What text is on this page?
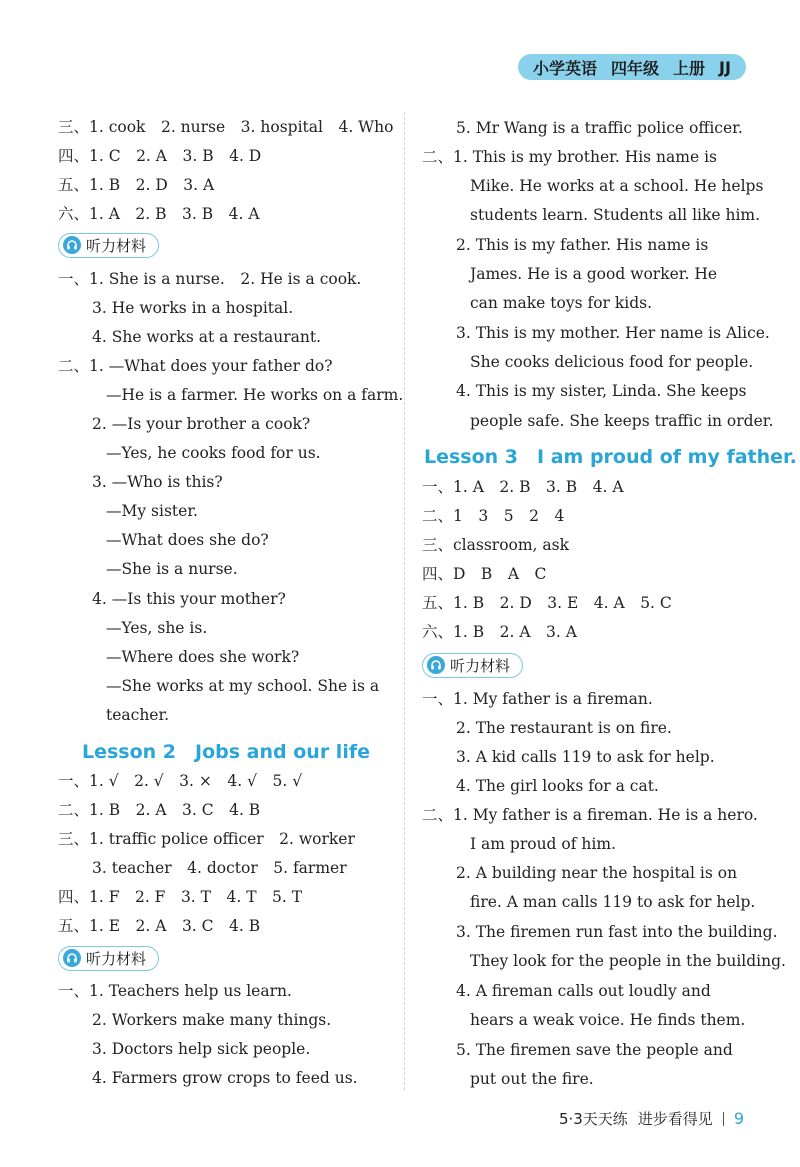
小学英语 四年级 上册 JJ
三、1. cook　2. nurse　3. hospital　4. Who
四、1. C　2. A　3. B　4. D
五、1. B　2. D　3. A
六、1. A　2. B　3. B　4. A
听力材料
一、1. She is a nurse.　2. He is a cook.
3. He works in a hospital.
4. She works at a restaurant.
二、1. —What does your father do?
—He is a farmer. He works on a farm.
2. —Is your brother a cook?
—Yes, he cooks food for us.
3. —Who is this?
—My sister.
—What does she do?
—She is a nurse.
4. —Is this your mother?
—Yes, she is.
—Where does she work?
—She works at my school. She is a
teacher.
Lesson 2　Jobs and our life
一、1. √　2. √　3. ×　4. √　5. √
二、1. B　2. A　3. C　4. B
三、1. traffic police officer　2. worker
3. teacher　4. doctor　5. farmer
四、1. F　2. F　3. T　4. T　5. T
五、1. E　2. A　3. C　4. B
听力材料
一、1. Teachers help us learn.
2. Workers make many things.
3. Doctors help sick people.
4. Farmers grow crops to feed us.
5. Mr Wang is a traffic police officer.
二、1. This is my brother. His name is
Mike. He works at a school. He helps
students learn. Students all like him.
2. This is my father. His name is
James. He is a good worker. He
can make toys for kids.
3. This is my mother. Her name is Alice.
She cooks delicious food for people.
4. This is my sister, Linda. She keeps
people safe. She keeps traffic in order.
Lesson 3　I am proud of my father.
一、1. A　2. B　3. B　4. A
二、1　3　5　2　4
三、classroom, ask
四、D　B　A　C
五、1. B　2. D　3. E　4. A　5. C
六、1. B　2. A　3. A
听力材料
一、1. My father is a fireman.
2. The restaurant is on fire.
3. A kid calls 119 to ask for help.
4. The girl looks for a cat.
二、1. My father is a fireman. He is a hero.
I am proud of him.
2. A building near the hospital is on
fire. A man calls 119 to ask for help.
3. The firemen run fast into the building.
They look for the people in the building.
4. A fireman calls out loudly and
hears a weak voice. He finds them.
5. The firemen save the people and
put out the fire.
5·3天天练 进步看得见 9
